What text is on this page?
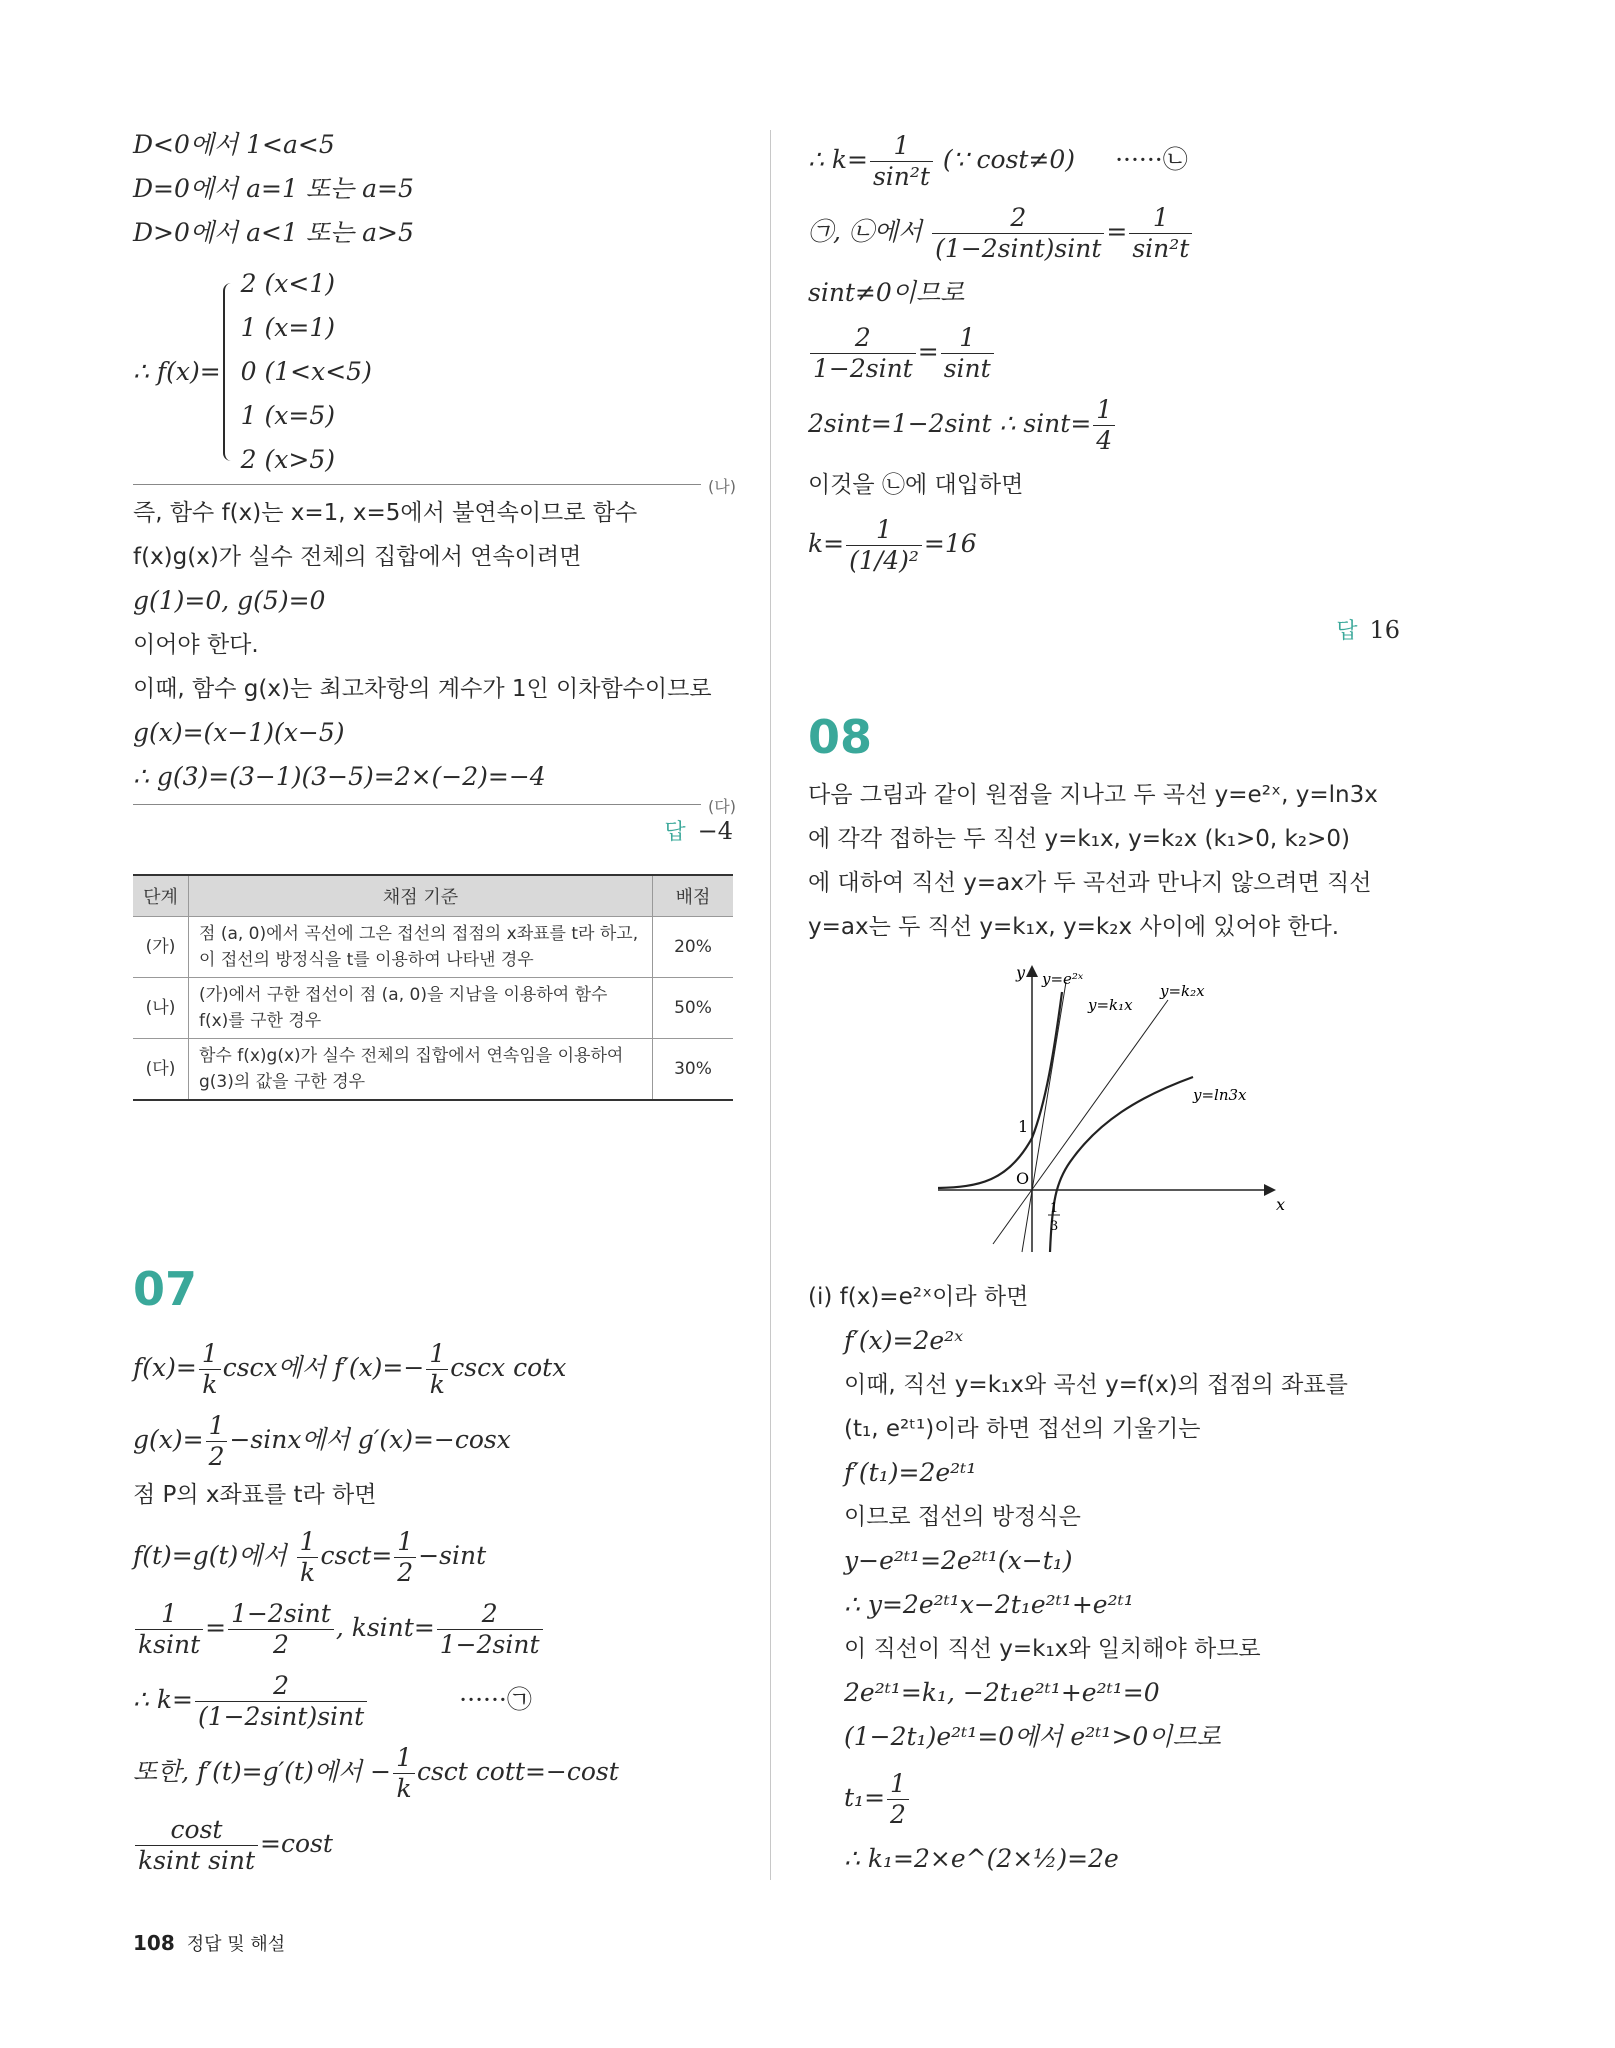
D<0에서 1<a<5
D=0에서 a=1 또는 a=5
D>0에서 a<1 또는 a>5
∴ f(x)=
2 (x<1)
1 (x=1)
0 (1<x<5)
1 (x=5)
2 (x>5)
(나)
즉, 함수 f(x)는 x=1, x=5에서 불연속이므로 함수
f(x)g(x)가 실수 전체의 집합에서 연속이려면
g(1)=0, g(5)=0
이어야 한다.
이때, 함수 g(x)는 최고차항의 계수가 1인 이차함수이므로
g(x)=(x−1)(x−5)
∴ g(3)=(3−1)(3−5)=2×(−2)=−4
(다)
답 −4
단계	채점 기준	배점
(가)	점 (a, 0)에서 곡선에 그은 접선의 접점의 x좌표를 t라 하고, 이 접선의 방정식을 t를 이용하여 나타낸 경우	20%
(나)	(가)에서 구한 접선이 점 (a, 0)을 지남을 이용하여 함수 f(x)를 구한 경우	50%
(다)	함수 f(x)g(x)가 실수 전체의 집합에서 연속임을 이용하여 g(3)의 값을 구한 경우	30%
07
$f(x)= \frac{1}{k}$ cscx에서 $f'(x)=- \frac{1}{k}$ cscx cotx
$g(x)= \frac{1}{2} -\sin x$에서 g′(x)=−cosx
점 P의 x좌표를 t라 하면
f(t)=g(t)에서 $\frac{1}{k} \csc t= \frac{1}{2} -\sin t$
$\frac{1}{ksint} = \frac{1-2\sin t}{2}$ , $ksint= \frac{2}{1-2\sin t}$
∴ $k= \frac{2}{(1-2\sin t)\sin t}$	······㉠
또한, f′(t)=g′(t)에서 − $\frac{1}{k}$ csct cott=−cost
$\frac{\cos t}{\text{ksint sint}} =\cos t$
∴ $k= \frac{1}{\text{sin²t}}$ (∵ cost≠0) ······㉡
㉠, ㉡에서 $\frac{2}{(1-2\sin t)\sin t} = \frac{1}{\text{sin²t}}$
sint≠0이므로
$\frac{2}{1-2\sin t} = \frac{1}{\sin t}$
2sint=1−2sint ∴ $\sin t= \frac{1}{4}$
이것을 ㉡에 대입하면
$k= \frac{1}{\text{(1/4)²}} =16$
답 16
08
다음 그림과 같이 원점을 지나고 두 곡선 y=e²ˣ, y=ln3x
에 각각 접하는 두 직선 y=k₁x, y=k₂x (k₁>0, k₂>0)
에 대하여 직선 y=ax가 두 곡선과 만나지 않으려면 직선
y=ax는 두 직선 y=k₁x, y=k₂x 사이에 있어야 한다.
y
x
O
1
1
3
y=e²ˣ
y=k₁x
y=k₂x
y=ln3x
(i) f(x)=e²ˣ이라 하면
f′(x)=2e²ˣ
이때, 직선 y=k₁x와 곡선 y=f(x)의 접점의 좌표를
(t₁, e²ᵗ¹)이라 하면 접선의 기울기는
f′(t₁)=2e²ᵗ¹
이므로 접선의 방정식은
y−e²ᵗ¹=2e²ᵗ¹(x−t₁)
∴ y=2e²ᵗ¹x−2t₁e²ᵗ¹+e²ᵗ¹
이 직선이 직선 y=k₁x와 일치해야 하므로
2e²ᵗ¹=k₁, −2t₁e²ᵗ¹+e²ᵗ¹=0
(1−2t₁)e²ᵗ¹=0에서 e²ᵗ¹>0이므로
$t_1= \frac{1}{2}$
∴ k₁=2×e^(2×½)=2e
108 정답 및 해설
